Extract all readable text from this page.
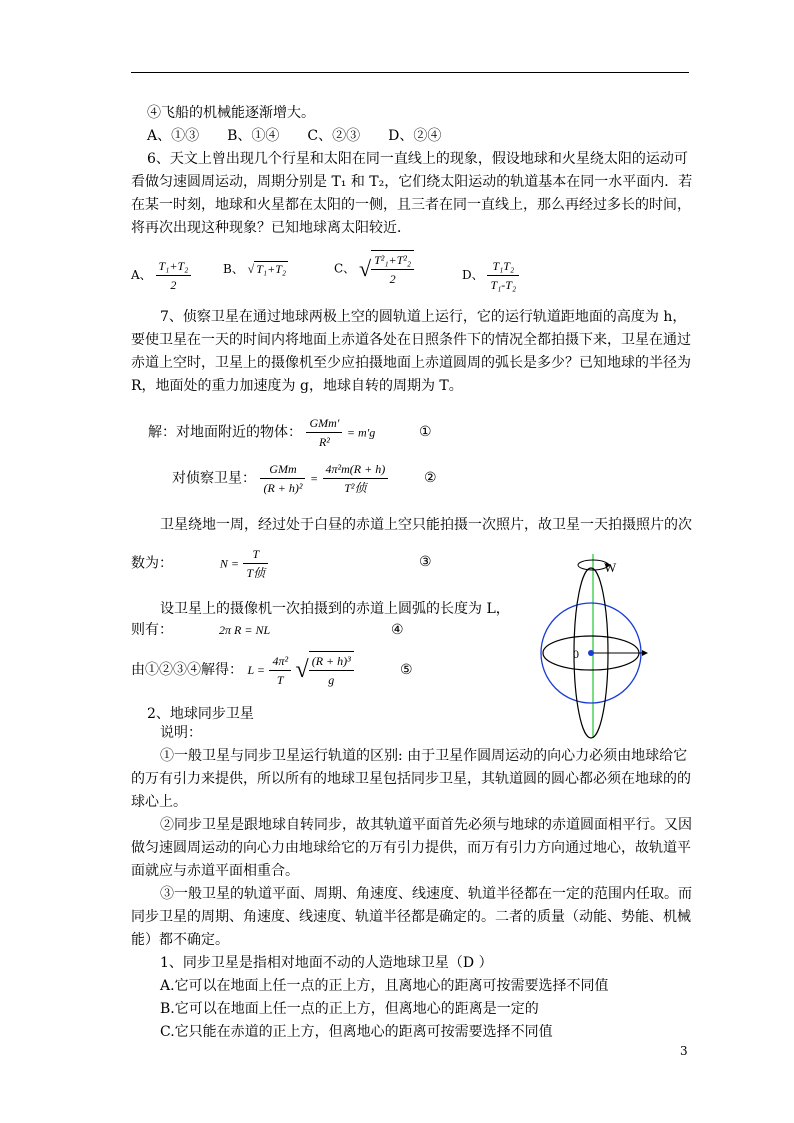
④飞船的机械能逐渐增大。
A、①③　　B、①④　　C、②③　　D、②④
6、天文上曾出现几个行星和太阳在同一直线上的现象，假设地球和火星绕太阳的运动可
看做匀速圆周运动，周期分别是 T₁ 和 T₂，它们绕太阳运动的轨道基本在同一水平面内．若
在某一时刻，地球和火星都在太阳的一侧，且三者在同一直线上，那么再经过多长的时间，
将再次出现这种现象？已知地球离太阳较近．
A、 $\frac{\text{T₁+T₂}}{2}$	B、 √ T₁+T₂	C、 √ $\frac{\text{T²₁+T²₂}}{2}$	D、 $\frac{\text{T₁T₂}}{\text{T₁-T₂}}$
7、侦察卫星在通过地球两极上空的圆轨道上运行，它的运行轨道距地面的高度为 h，
要使卫星在一天的时间内将地面上赤道各处在日照条件下的情况全都拍摄下来，卫星在通过
赤道上空时，卫星上的摄像机至少应拍摄地面上赤道圆周的弧长是多少？已知地球的半径为
R，地面处的重力加速度为 g，地球自转的周期为 T。
解：对地面附近的物体： $\frac{\text{GMm′}}{\text{R²}} = m'g$	①
对侦察卫星： $\frac{\text{GMm}}{\text{(R + h)²}} = \frac{\text{4π²m(R + h)}}{\text{T²侦}}$	②
卫星绕地一周，经过处于白昼的赤道上空只能拍摄一次照片，故卫星一天拍摄照片的次
数为：	$N = \frac{T}{\text{T侦}}$	③
设卫星上的摄像机一次拍摄到的赤道上圆弧的长度为 L，
则有：	2π R = NL	④
由①②③④解得： $L = \frac{\text{4π²}}{T}$ √ $\frac{\text{(R + h)³}}{g}$	⑤
W
0
2、地球同步卫星
说明：
①一般卫星与同步卫星运行轨道的区别: 由于卫星作圆周运动的向心力必须由地球给它
的万有引力来提供，所以所有的地球卫星包括同步卫星，其轨道圆的圆心都必须在地球的的
球心上。
②同步卫星是跟地球自转同步，故其轨道平面首先必须与地球的赤道圆面相平行。又因
做匀速圆周运动的向心力由地球给它的万有引力提供，而万有引力方向通过地心，故轨道平
面就应与赤道平面相重合。
③一般卫星的轨道平面、周期、角速度、线速度、轨道半径都在一定的范围内任取。而
同步卫星的周期、角速度、线速度、轨道半径都是确定的。二者的质量（动能、势能、机械
能）都不确定。
1、同步卫星是指相对地面不动的人造地球卫星（D ）
A.它可以在地面上任一点的正上方，且离地心的距离可按需要选择不同值
B.它可以在地面上任一点的正上方，但离地心的距离是一定的
C.它只能在赤道的正上方，但离地心的距离可按需要选择不同值
3
